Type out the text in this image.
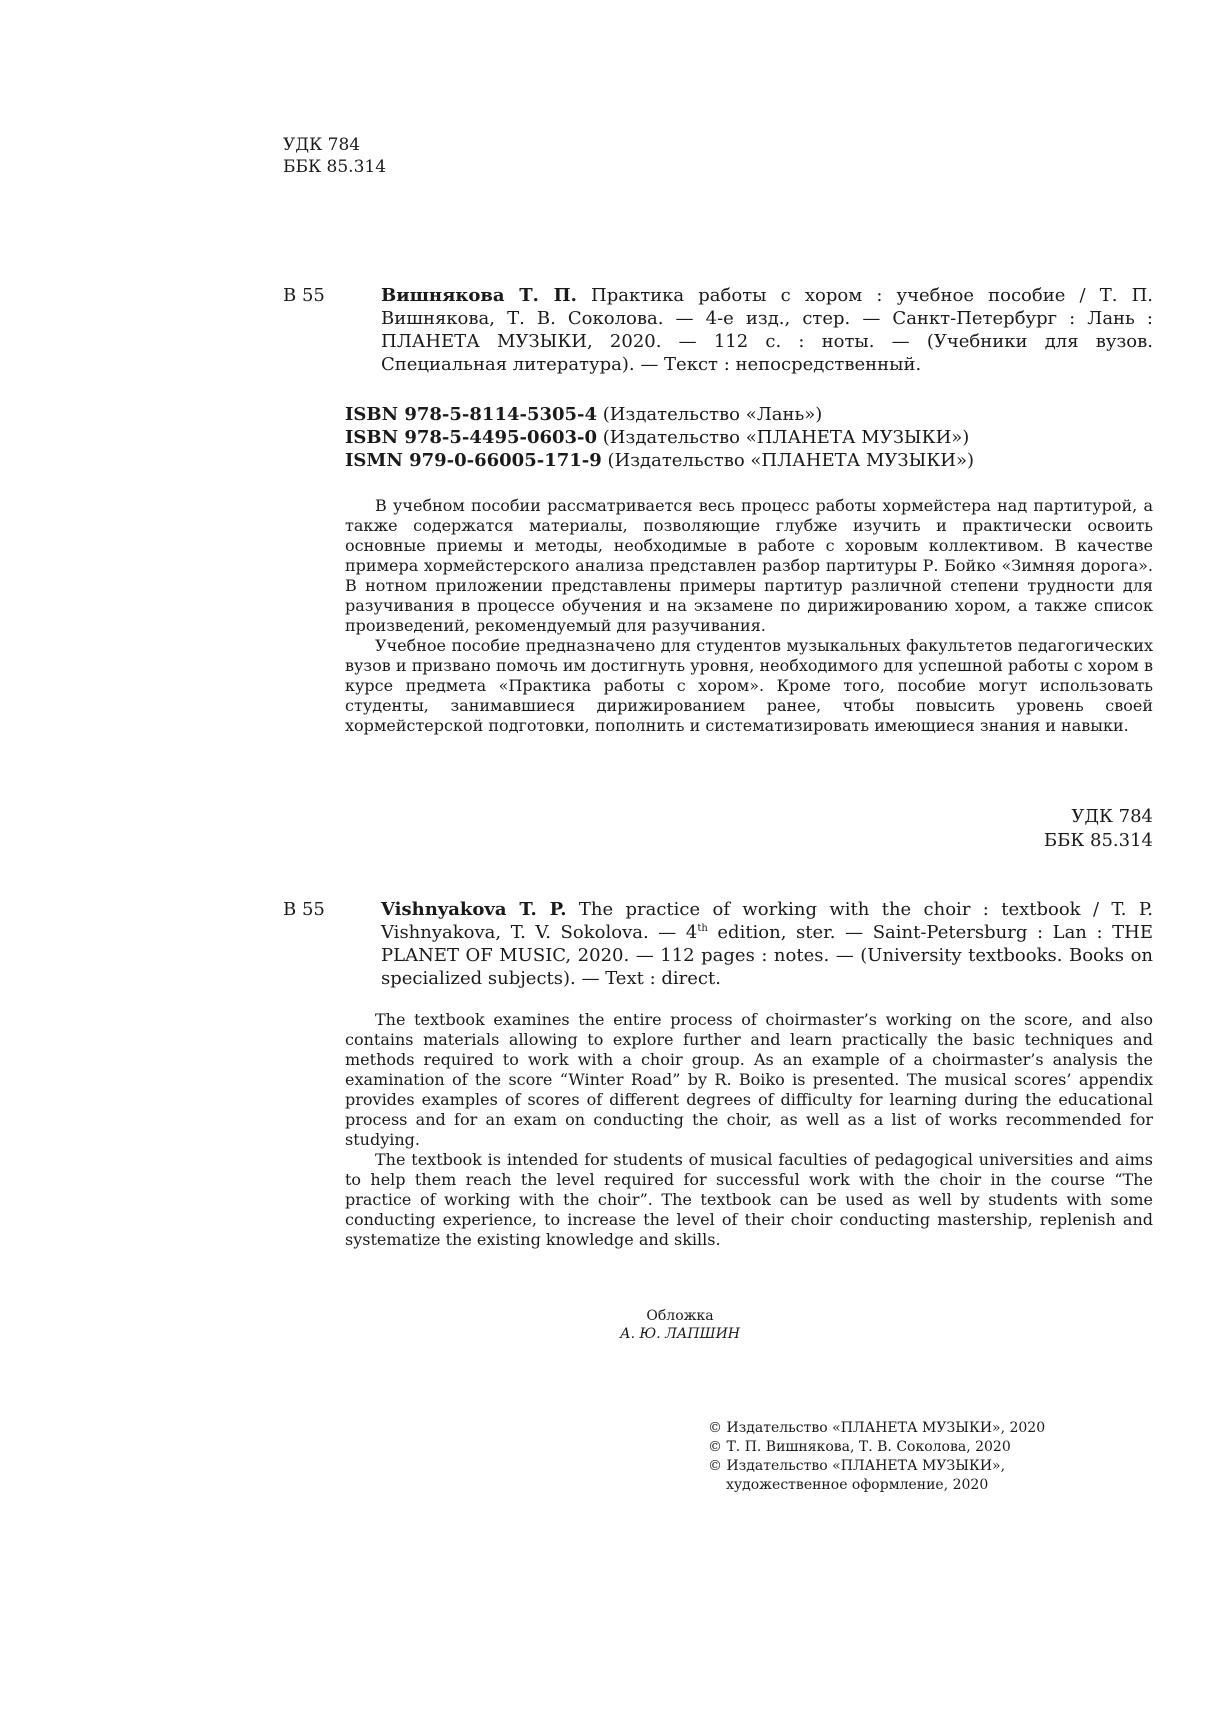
УДК 784
ББК 85.314
В 55	Вишнякова Т. П. Практика работы с хором : учебное пособие / Т. П. Вишнякова, Т. В. Соколова. — 4-е изд., стер. — Санкт-Петербург : Лань : ПЛАНЕТА МУЗЫКИ, 2020. — 112 с. : ноты. — (Учебники для вузов. Специальная литература). — Текст : непосредственный.
ISBN 978-5-8114-5305-4 (Издательство «Лань»)
ISBN 978-5-4495-0603-0 (Издательство «ПЛАНЕТА МУЗЫКИ»)
ISMN 979-0-66005-171-9 (Издательство «ПЛАНЕТА МУЗЫКИ»)

В учебном пособии рассматривается весь процесс работы хормейстера над партитурой, а также содержатся материалы, позволяющие глубже изучить и практически освоить основные приемы и методы, необходимые в работе с хоровым коллективом. В качестве примера хормейстерского анализа представлен разбор партитуры Р. Бойко «Зимняя дорога». В нотном приложении представлены примеры партитур различной степени трудности для разучивания в процессе обучения и на экзамене по дирижированию хором, а также список произведений, рекомендуемый для разучивания.

Учебное пособие предназначено для студентов музыкальных факультетов педагогических вузов и призвано помочь им достигнуть уровня, необходимого для успешной работы с хором в курсе предмета «Практика работы с хором». Кроме того, пособие могут использовать студенты, занимавшиеся дирижированием ранее, чтобы повысить уровень своей хормейстерской подготовки, пополнить и систематизировать имеющиеся знания и навыки.

УДК 784
ББК 85.314
В 55	Vishnyakova T. P. The practice of working with the choir : textbook / T. P. Vishnyakova, T. V. Sokolova. — 4th edition, ster. — Saint-Petersburg : Lan : THE PLANET OF MUSIC, 2020. — 112 pages : notes. — (University textbooks. Books on specialized subjects). — Text : direct.

The textbook examines the entire process of choirmaster’s working on the score, and also contains materials allowing to explore further and learn practically the basic techniques and methods required to work with a choir group. As an example of a choirmaster’s analysis the examination of the score “Winter Road” by R. Boiko is presented. The musical scores’ appendix provides examples of scores of different degrees of difficulty for learning during the educational process and for an exam on conducting the choir, as well as a list of works recommended for studying.

The textbook is intended for students of musical faculties of pedagogical universities and aims to help them reach the level required for successful work with the choir in the course “The practice of working with the choir”. The textbook can be used as well by students with some conducting experience, to increase the level of their choir conducting mastership, replenish and systematize the existing knowledge and skills.

Обложка
А. Ю. ЛАПШИН
© Издательство «ПЛАНЕТА МУЗЫКИ», 2020
© Т. П. Вишнякова, Т. В. Соколова, 2020
© Издательство «ПЛАНЕТА МУЗЫКИ», художественное оформление, 2020
